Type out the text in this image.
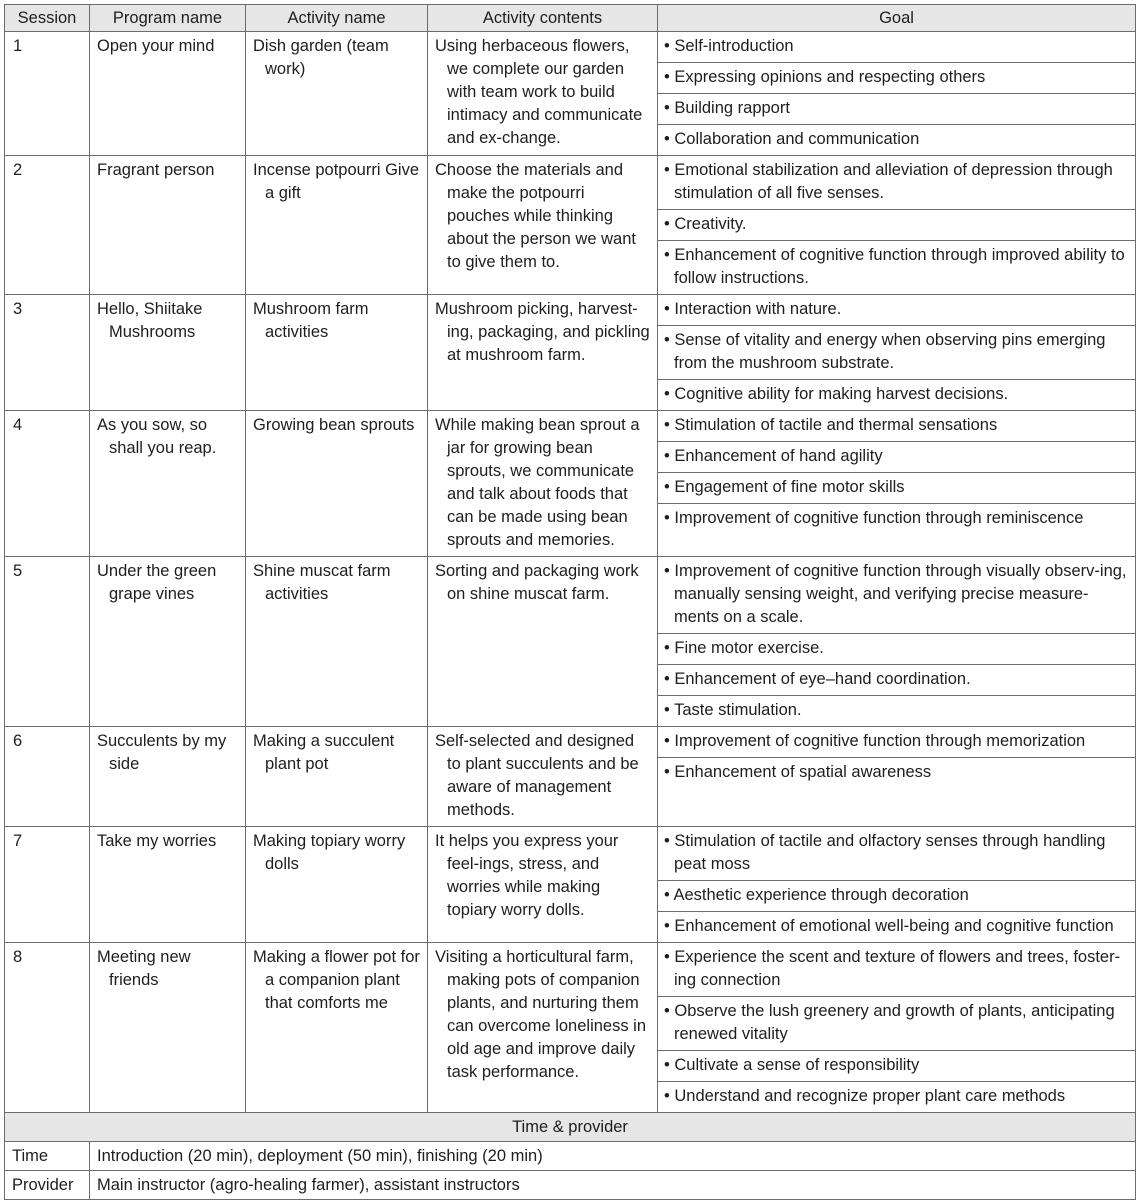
Session	Program name	Activity name	Activity contents	Goal

1	Open your mind	Dish garden (team work)	Using herbaceous flowers, we complete our garden with team work to build intimacy and communicate and ex-change.	• Self-introduction
• Expressing opinions and respecting others
• Building rapport
• Collaboration and communication

2	Fragrant person	Incense potpourri Give a gift	Choose the materials and make the potpourri pouches while thinking about the person we want to give them to.	• Emotional stabilization and alleviation of depression through stimulation of all five senses.
• Creativity.
• Enhancement of cognitive function through improved ability to follow instructions.

3	Hello, Shiitake Mushrooms	Mushroom farm activities	Mushroom picking, harvest-ing, packaging, and pickling at mushroom farm.	• Interaction with nature.
• Sense of vitality and energy when observing pins emerging from the mushroom substrate.
• Cognitive ability for making harvest decisions.

4	As you sow, so shall you reap.	Growing bean sprouts	While making bean sprout a jar for growing bean sprouts, we communicate and talk about foods that can be made using bean sprouts and memories.	• Stimulation of tactile and thermal sensations
• Enhancement of hand agility
• Engagement of fine motor skills
• Improvement of cognitive function through reminiscence

5	Under the green grape vines	Shine muscat farm activities	Sorting and packaging work on shine muscat farm.	• Improvement of cognitive function through visually observ-ing, manually sensing weight, and verifying precise measure-ments on a scale.
• Fine motor exercise.
• Enhancement of eye–hand coordination.
• Taste stimulation.

6	Succulents by my side	Making a succulent plant pot	Self-selected and designed to plant succulents and be aware of management methods.	• Improvement of cognitive function through memorization
• Enhancement of spatial awareness

7	Take my worries	Making topiary worry dolls	It helps you express your feel-ings, stress, and worries while making topiary worry dolls.	• Stimulation of tactile and olfactory senses through handling peat moss
• Aesthetic experience through decoration
• Enhancement of emotional well-being and cognitive function

8	Meeting new friends	Making a flower pot for a companion plant that comforts me	Visiting a horticultural farm, making pots of companion plants, and nurturing them can overcome loneliness in old age and improve daily task performance.	• Experience the scent and texture of flowers and trees, foster-ing connection
• Observe the lush greenery and growth of plants, anticipating renewed vitality
• Cultivate a sense of responsibility
• Understand and recognize proper plant care methods

Time & provider				

Time	Introduction (20 min), deployment (50 min), finishing (20 min)			

Provider	Main instructor (agro-healing farmer), assistant instructors			
